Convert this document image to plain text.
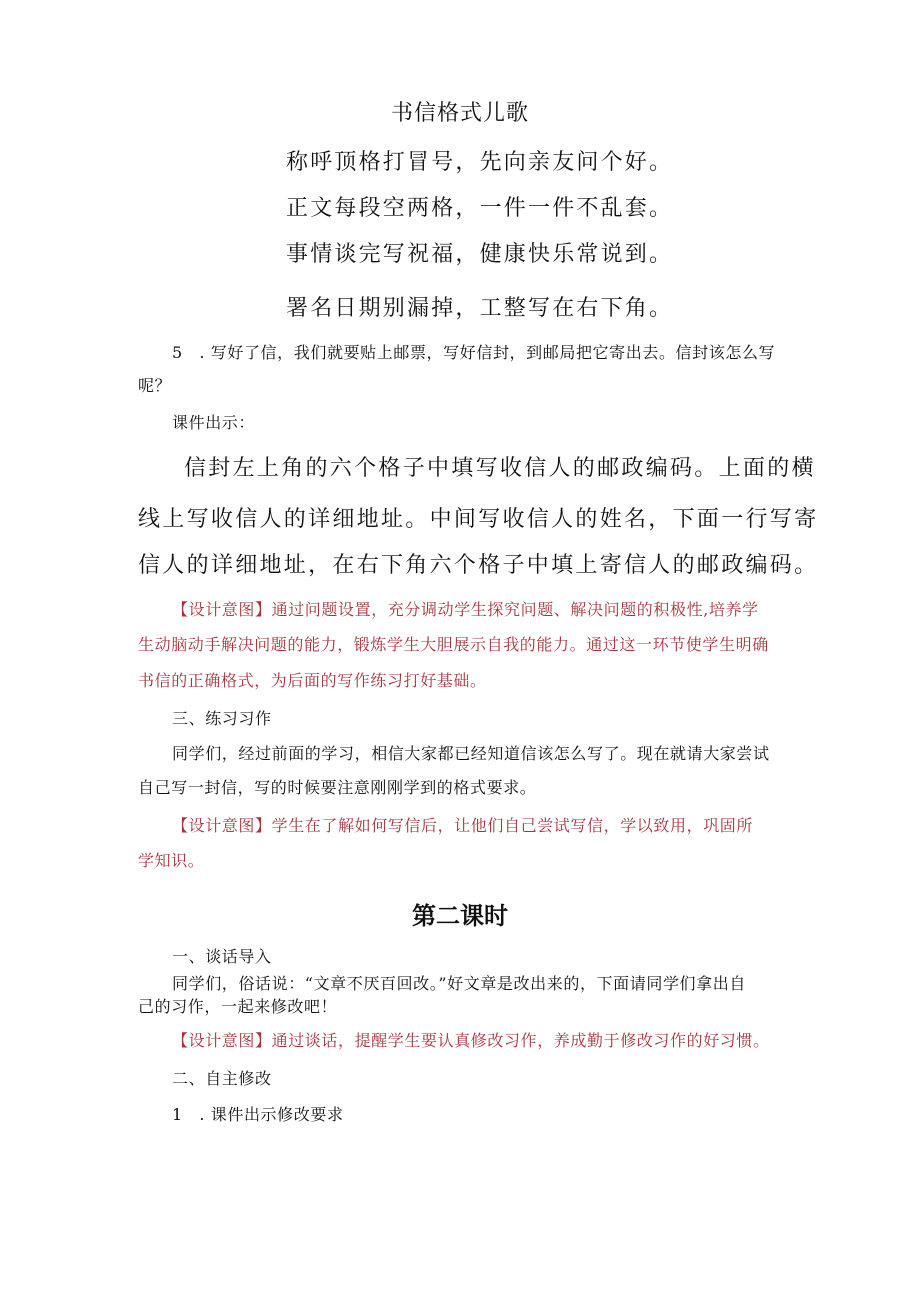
书信格式儿歌
称呼顶格打冒号，先向亲友问个好。
正文每段空两格，一件一件不乱套。
事情谈完写祝福，健康快乐常说到。
署名日期别漏掉，工整写在右下角。
5　. 写好了信，我们就要贴上邮票，写好信封，到邮局把它寄出去。信封该怎么写
呢？
课件出示：
信封左上角的六个格子中填写收信人的邮政编码。上面的横
线上写收信人的详细地址。中间写收信人的姓名，下面一行写寄
信人的详细地址，在右下角六个格子中填上寄信人的邮政编码。
【设计意图】通过问题设置，充分调动学生探究问题、解决问题的积极性,培养学
生动脑动手解决问题的能力，锻炼学生大胆展示自我的能力。通过这一环节使学生明确
书信的正确格式，为后面的写作练习打好基础。
三、练习习作
同学们，经过前面的学习，相信大家都已经知道信该怎么写了。现在就请大家尝试
自己写一封信，写的时候要注意刚刚学到的格式要求。
【设计意图】学生在了解如何写信后，让他们自己尝试写信，学以致用，巩固所
学知识。
第二课时
一、谈话导入
同学们，俗话说：“文章不厌百回改。”好文章是改出来的，下面请同学们拿出自
己的习作，一起来修改吧！
【设计意图】通过谈话，提醒学生要认真修改习作，养成勤于修改习作的好习惯。
二、自主修改
1　. 课件出示修改要求
